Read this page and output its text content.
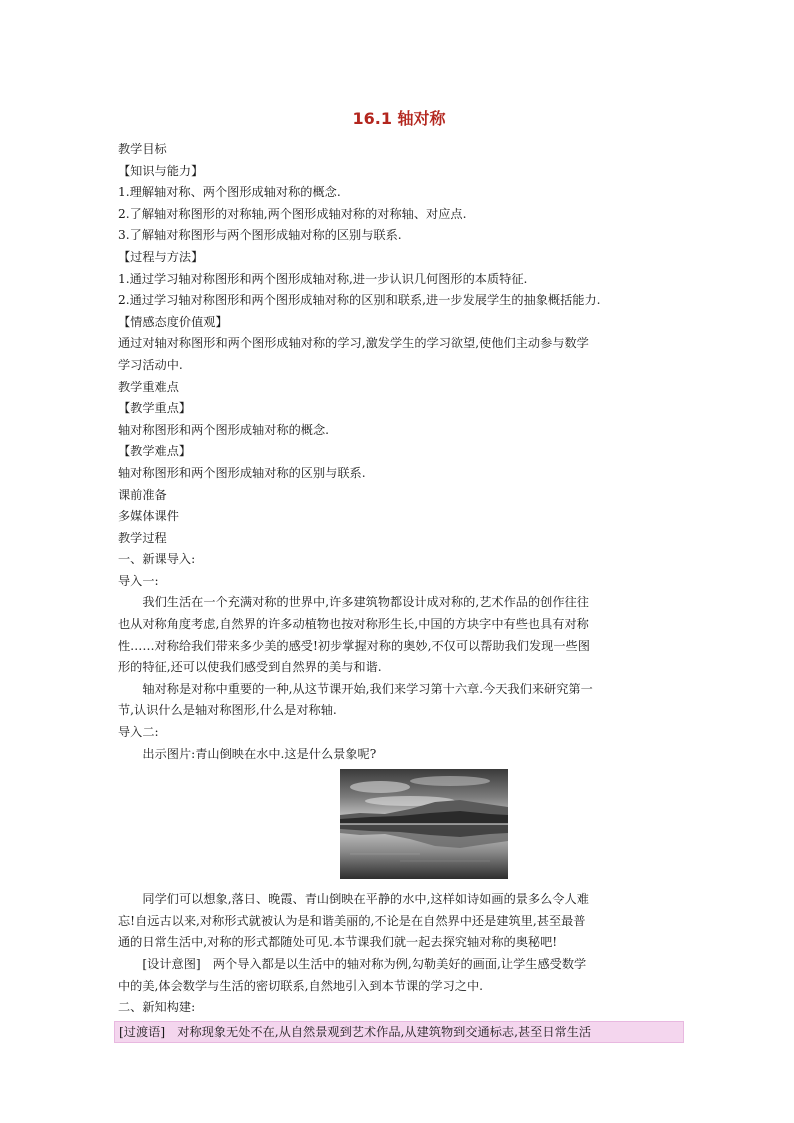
16.1 轴对称

教学目标

【知识与能力】

1.理解轴对称、两个图形成轴对称的概念.

2.了解轴对称图形的对称轴,两个图形成轴对称的对称轴、对应点.

3.了解轴对称图形与两个图形成轴对称的区别与联系.

【过程与方法】

1.通过学习轴对称图形和两个图形成轴对称,进一步认识几何图形的本质特征.

2.通过学习轴对称图形和两个图形成轴对称的区别和联系,进一步发展学生的抽象概括能力.

【情感态度价值观】

通过对轴对称图形和两个图形成轴对称的学习,激发学生的学习欲望,使他们主动参与数学

学习活动中.

教学重难点

【教学重点】

轴对称图形和两个图形成轴对称的概念.

【教学难点】

轴对称图形和两个图形成轴对称的区别与联系.

课前准备

多媒体课件

教学过程

一、新课导入:

导入一:

我们生活在一个充满对称的世界中,许多建筑物都设计成对称的,艺术作品的创作往往

也从对称角度考虑,自然界的许多动植物也按对称形生长,中国的方块字中有些也具有对称

性……对称给我们带来多少美的感受!初步掌握对称的奥妙,不仅可以帮助我们发现一些图

形的特征,还可以使我们感受到自然界的美与和谐.

轴对称是对称中重要的一种,从这节课开始,我们来学习第十六章.今天我们来研究第一

节,认识什么是轴对称图形,什么是对称轴.

导入二:

出示图片:青山倒映在水中.这是什么景象呢?

同学们可以想象,落日、晚霞、青山倒映在平静的水中,这样如诗如画的景多么令人难

忘!自远古以来,对称形式就被认为是和谐美丽的,不论是在自然界中还是建筑里,甚至最普

通的日常生活中,对称的形式都随处可见.本节课我们就一起去探究轴对称的奥秘吧!

[设计意图]　两个导入都是以生活中的轴对称为例,勾勒美好的画面,让学生感受数学

中的美,体会数学与生活的密切联系,自然地引入到本节课的学习之中.

二、新知构建:

[过渡语]　对称现象无处不在,从自然景观到艺术作品,从建筑物到交通标志,甚至日常生活
